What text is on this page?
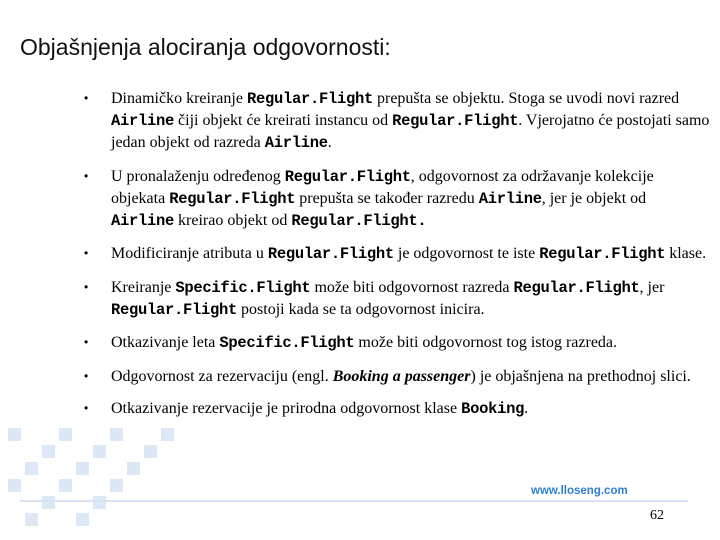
Objašnjenja alociranja odgovornosti:
• Dinamičko kreiranje Regular.Flight prepušta se objektu. Stoga se uvodi novi razred Airline čiji objekt će kreirati instancu od Regular.Flight. Vjerojatno će postojati samo jedan objekt od razreda Airline.
• U pronalaženju određenog Regular.Flight, odgovornost za održavanje kolekcije objekata Regular.Flight prepušta se također razredu Airline, jer je objekt od Airline kreirao objekt od Regular.Flight.
• Modificiranje atributa u Regular.Flight je odgovornost te iste Regular.Flight klase.
• Kreiranje Specific.Flight može biti odgovornost razreda Regular.Flight, jer Regular.Flight postoji kada se ta odgovornost inicira.
• Otkazivanje leta Specific.Flight može biti odgovornost tog istog razreda.
• Odgovornost za rezervaciju (engl. Booking a passenger) je objašnjena na prethodnoj slici.
• Otkazivanje rezervacije je prirodna odgovornost klase Booking.
www.lloseng.com
62
